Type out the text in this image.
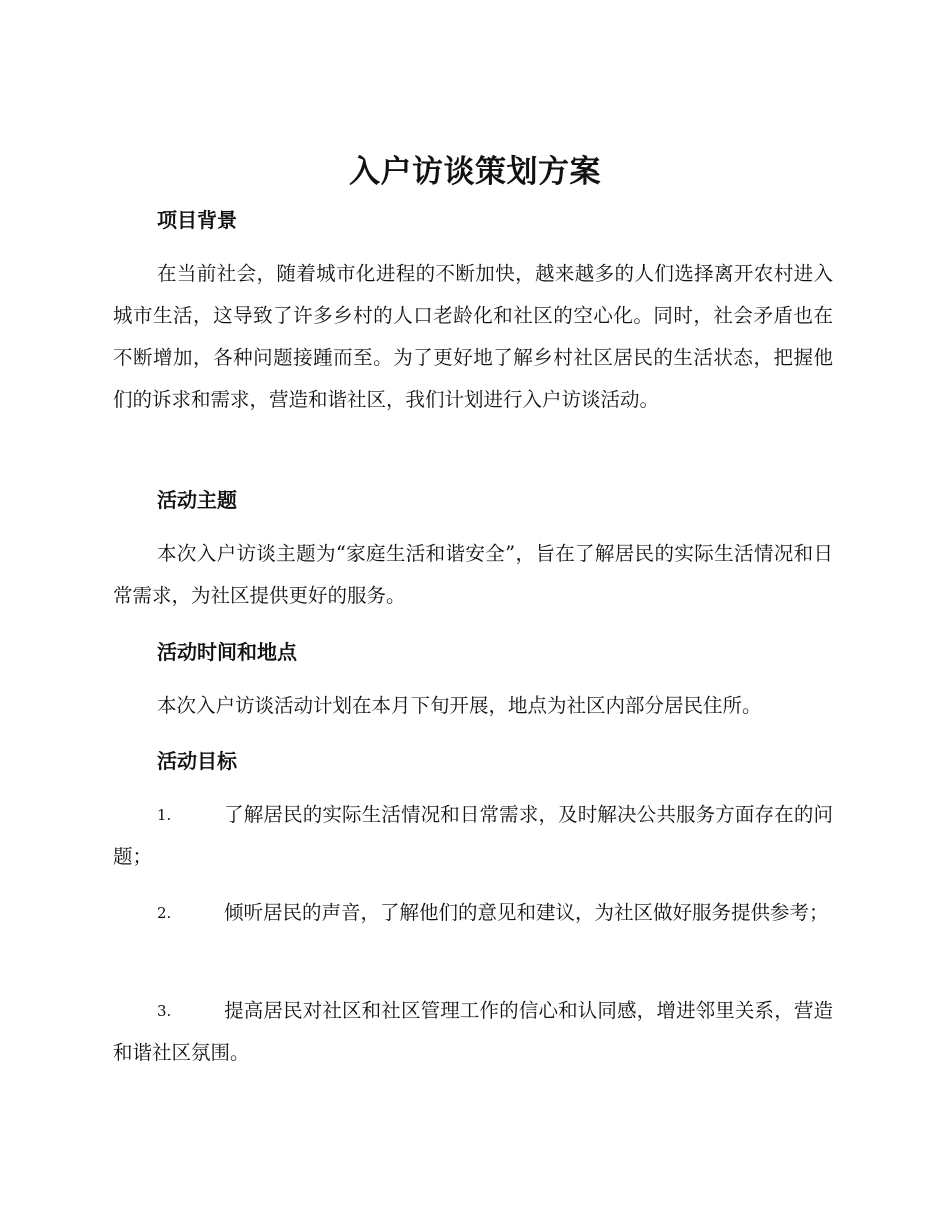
入户访谈策划方案
项目背景

在当前社会，随着城市化进程的不断加快，越来越多的人们选择离开农村进入城市生活，这导致了许多乡村的人口老龄化和社区的空心化。同时，社会矛盾也在不断增加，各种问题接踵而至。为了更好地了解乡村社区居民的生活状态，把握他们的诉求和需求，营造和谐社区，我们计划进行入户访谈活动。

活动主题

本次入户访谈主题为“家庭生活和谐安全”，旨在了解居民的实际生活情况和日常需求，为社区提供更好的服务。

活动时间和地点

本次入户访谈活动计划在本月下旬开展，地点为社区内部分居民住所。

活动目标

1.	了解居民的实际生活情况和日常需求，及时解决公共服务方面存在的问题；

2.	倾听居民的声音，了解他们的意见和建议，为社区做好服务提供参考；

3.	提高居民对社区和社区管理工作的信心和认同感，增进邻里关系，营造和谐社区氛围。
